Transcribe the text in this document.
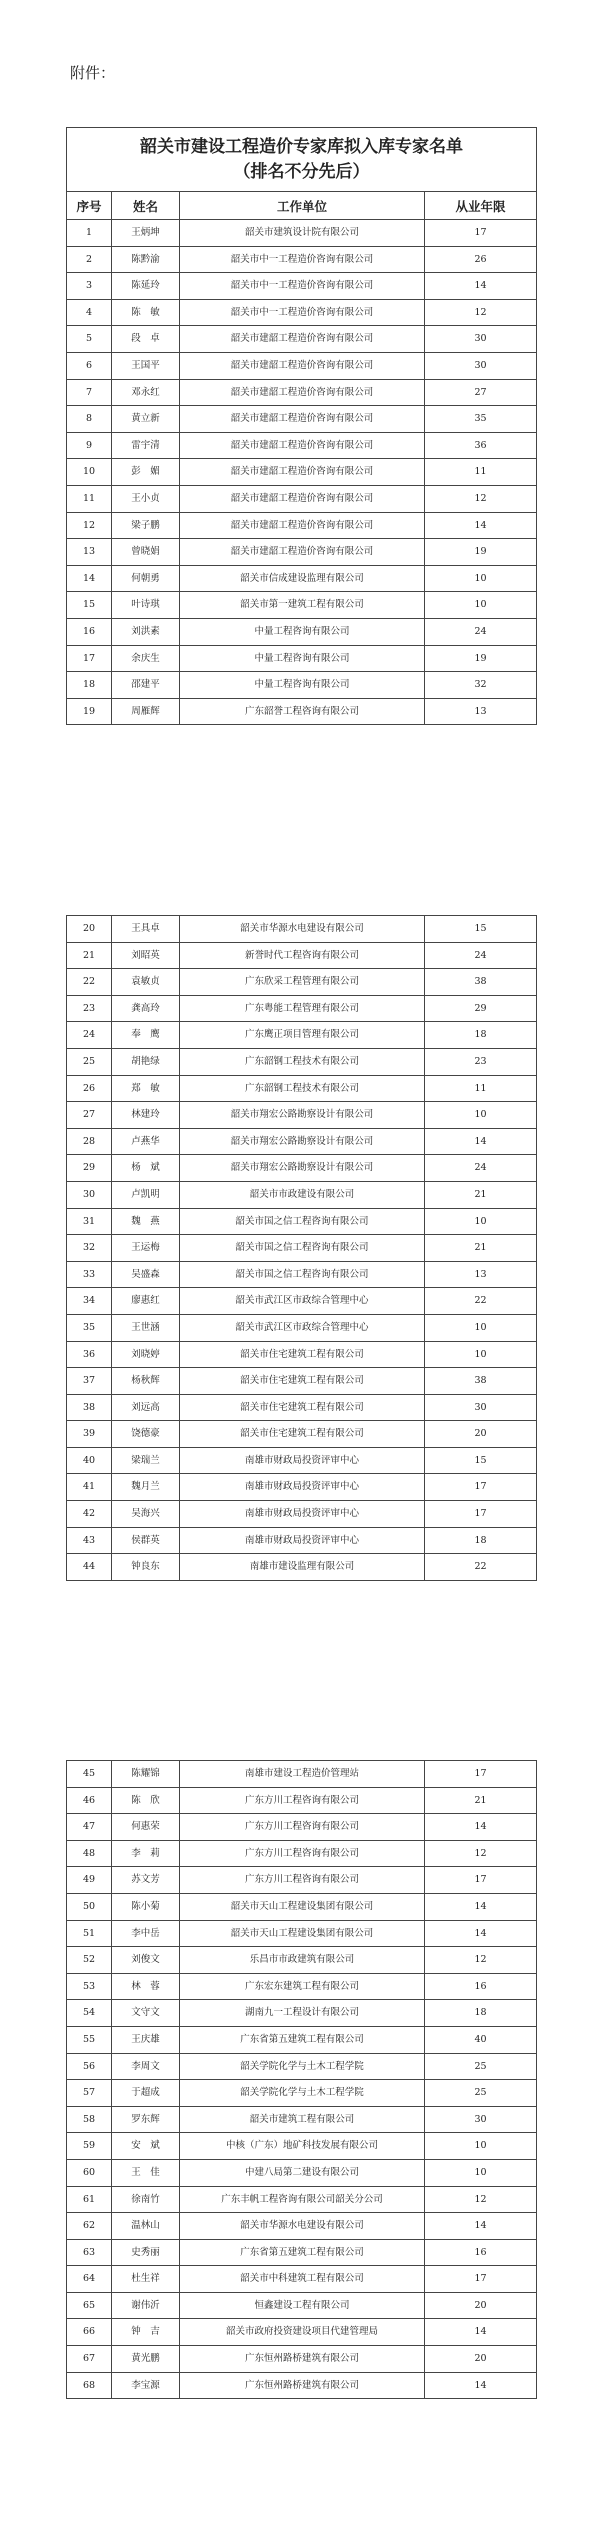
附件：
韶关市建设工程造价专家库拟入库专家名单
（排名不分先后）			

序号	姓名	工作单位	从业年限
1	王炳坤	韶关市建筑设计院有限公司	17
2	陈黔渝	韶关市中一工程造价咨询有限公司	26
3	陈延玲	韶关市中一工程造价咨询有限公司	14
4	陈　敏	韶关市中一工程造价咨询有限公司	12
5	段　卓	韶关市建韶工程造价咨询有限公司	30
6	王国平	韶关市建韶工程造价咨询有限公司	30
7	邓永红	韶关市建韶工程造价咨询有限公司	27
8	黄立新	韶关市建韶工程造价咨询有限公司	35
9	雷宇清	韶关市建韶工程造价咨询有限公司	36
10	彭　媚	韶关市建韶工程造价咨询有限公司	11
11	王小贞	韶关市建韶工程造价咨询有限公司	12
12	梁子鹏	韶关市建韶工程造价咨询有限公司	14
13	曾晓娟	韶关市建韶工程造价咨询有限公司	19
14	何朝勇	韶关市信成建设监理有限公司	10
15	叶诗琪	韶关市第一建筑工程有限公司	10
16	刘洪素	中量工程咨询有限公司	24
17	余庆生	中量工程咨询有限公司	19
18	邵建平	中量工程咨询有限公司	32
19	周雁辉	广东韶誉工程咨询有限公司	13
20	王具卓	韶关市华源水电建设有限公司	15
21	刘昭英	新誉时代工程咨询有限公司	24
22	袁敏贞	广东欣采工程管理有限公司	38
23	龚高玲	广东粤能工程管理有限公司	29
24	奉　鹰	广东鹰正项目管理有限公司	18
25	胡艳绿	广东韶钢工程技术有限公司	23
26	郑　敏	广东韶钢工程技术有限公司	11
27	林建玲	韶关市翔宏公路勘察设计有限公司	10
28	卢燕华	韶关市翔宏公路勘察设计有限公司	14
29	杨　斌	韶关市翔宏公路勘察设计有限公司	24
30	卢凯明	韶关市市政建设有限公司	21
31	魏　燕	韶关市国之信工程咨询有限公司	10
32	王运梅	韶关市国之信工程咨询有限公司	21
33	吴盛森	韶关市国之信工程咨询有限公司	13
34	廖惠红	韶关市武江区市政综合管理中心	22
35	王世涵	韶关市武江区市政综合管理中心	10
36	刘晓婷	韶关市住宅建筑工程有限公司	10
37	杨秋辉	韶关市住宅建筑工程有限公司	38
38	刘远高	韶关市住宅建筑工程有限公司	30
39	饶德豪	韶关市住宅建筑工程有限公司	20
40	梁瑞兰	南雄市财政局投资评审中心	15
41	魏月兰	南雄市财政局投资评审中心	17
42	吴海兴	南雄市财政局投资评审中心	17
43	侯群英	南雄市财政局投资评审中心	18
44	钟良东	南雄市建设监理有限公司	22
45	陈耀锦	南雄市建设工程造价管理站	17
46	陈　欣	广东方川工程咨询有限公司	21
47	何惠荣	广东方川工程咨询有限公司	14
48	李　莉	广东方川工程咨询有限公司	12
49	苏文芳	广东方川工程咨询有限公司	17
50	陈小菊	韶关市天山工程建设集团有限公司	14
51	李中岳	韶关市天山工程建设集团有限公司	14
52	刘俊文	乐昌市市政建筑有限公司	12
53	林　蓉	广东宏东建筑工程有限公司	16
54	文守文	湖南九一工程设计有限公司	18
55	王庆雄	广东省第五建筑工程有限公司	40
56	李周文	韶关学院化学与土木工程学院	25
57	于超成	韶关学院化学与土木工程学院	25
58	罗东辉	韶关市建筑工程有限公司	30
59	安　斌	中核（广东）地矿科技发展有限公司	10
60	王　佳	中建八局第二建设有限公司	10
61	徐南竹	广东丰帆工程咨询有限公司韶关分公司	12
62	温林山	韶关市华源水电建设有限公司	14
63	史秀丽	广东省第五建筑工程有限公司	16
64	杜生祥	韶关市中科建筑工程有限公司	17
65	谢伟沂	恒鑫建设工程有限公司	20
66	钟　吉	韶关市政府投资建设项目代建管理局	14
67	黄光鹏	广东恒州路桥建筑有限公司	20
68	李宝源	广东恒州路桥建筑有限公司	14
